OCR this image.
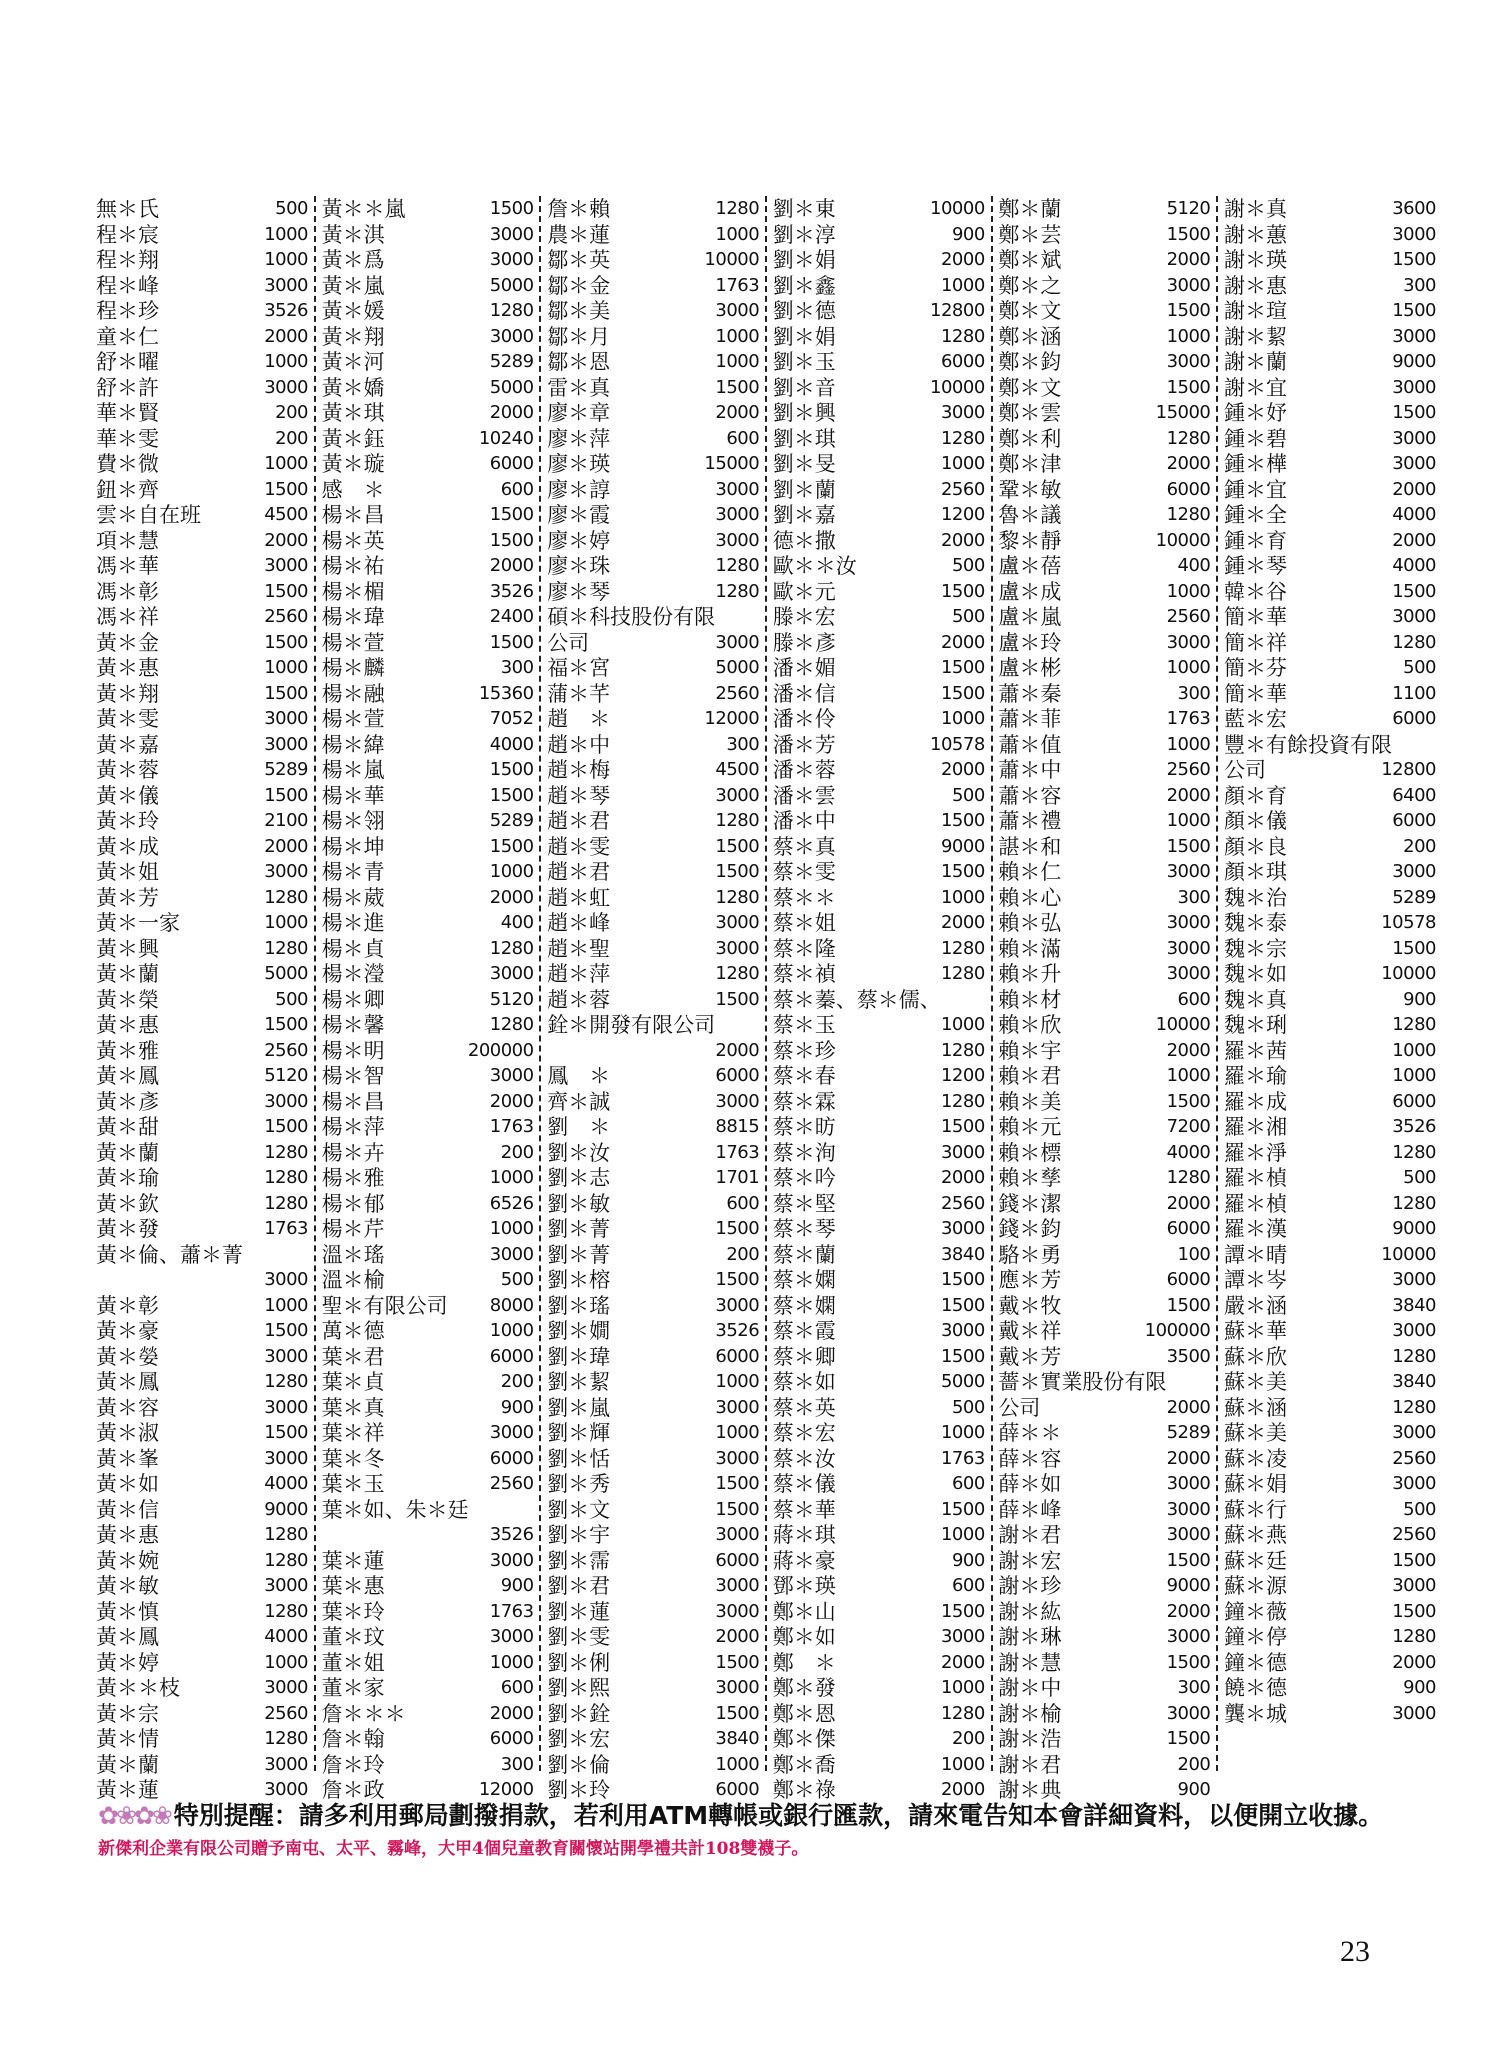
無＊氏	500
程＊宸	1000
程＊翔	1000
程＊峰	3000
程＊珍	3526
童＊仁	2000
舒＊曜	1000
舒＊許	3000
華＊賢	200
華＊雯	200
費＊微	1000
鈕＊齊	1500
雲＊自在班	4500
項＊慧	2000
馮＊華	3000
馮＊彰	1500
馮＊祥	2560
黃＊金	1500
黃＊惠	1000
黃＊翔	1500
黃＊雯	3000
黃＊嘉	3000
黃＊蓉	5289
黃＊儀	1500
黃＊玲	2100
黃＊成	2000
黃＊姐	3000
黃＊芳	1280
黃＊一家	1000
黃＊興	1280
黃＊蘭	5000
黃＊榮	500
黃＊惠	1500
黃＊雅	2560
黃＊鳳	5120
黃＊彥	3000
黃＊甜	1500
黃＊蘭	1280
黃＊瑜	1280
黃＊欽	1280
黃＊發	1763
黃＊倫、蕭＊菁
3000
黃＊彰	1000
黃＊豪	1500
黃＊嫈	3000
黃＊鳳	1280
黃＊容	3000
黃＊淑	1500
黃＊峯	3000
黃＊如	4000
黃＊信	9000
黃＊惠	1280
黃＊婉	1280
黃＊敏	3000
黃＊慎	1280
黃＊鳳	4000
黃＊婷	1000
黃＊＊枝	3000
黃＊宗	2560
黃＊情	1280
黃＊蘭	3000
黃＊蓮	3000
黃＊＊嵐	1500
黃＊淇	3000
黃＊爲	3000
黃＊嵐	5000
黃＊媛	1280
黃＊翔	3000
黃＊河	5289
黃＊嬌	5000
黃＊琪	2000
黃＊鈺	10240
黃＊璇	6000
感　＊	600
楊＊昌	1500
楊＊英	1500
楊＊祐	2000
楊＊楣	3526
楊＊瑋	2400
楊＊萱	1500
楊＊麟	300
楊＊融	15360
楊＊萱	7052
楊＊緯	4000
楊＊嵐	1500
楊＊華	1500
楊＊翎	5289
楊＊坤	1500
楊＊青	1000
楊＊葳	2000
楊＊進	400
楊＊貞	1280
楊＊瀅	3000
楊＊卿	5120
楊＊馨	1280
楊＊明	200000
楊＊智	3000
楊＊昌	2000
楊＊萍	1763
楊＊卉	200
楊＊雅	1000
楊＊郁	6526
楊＊芹	1000
溫＊瑤	3000
溫＊榆	500
聖＊有限公司 8000
萬＊德	1000
葉＊君	6000
葉＊貞	200
葉＊真	900
葉＊祥	3000
葉＊冬	6000
葉＊玉	2560
葉＊如、朱＊廷
3526
葉＊蓮	3000
葉＊惠	900
葉＊玲	1763
董＊玟	3000
董＊姐	1000
董＊家	600
詹＊＊＊	2000
詹＊翰	6000
詹＊玲	300
詹＊政	12000
詹＊賴	1280
農＊蓮	1000
鄒＊英	10000
鄒＊金	1763
鄒＊美	3000
鄒＊月	1000
鄒＊恩	1000
雷＊真	1500
廖＊章	2000
廖＊萍	600
廖＊瑛	15000
廖＊諄	3000
廖＊霞	3000
廖＊婷	3000
廖＊珠	1280
廖＊琴	1280
碩＊科技股份有限
公司	3000
福＊宮	5000
蒲＊芊	2560
趙　＊	12000
趙＊中	300
趙＊梅	4500
趙＊琴	3000
趙＊君	1280
趙＊雯	1500
趙＊君	1500
趙＊虹	1280
趙＊峰	3000
趙＊聖	3000
趙＊萍	1280
趙＊蓉	1500
銓＊開發有限公司
2000
鳳　＊	6000
齊＊誠	3000
劉　＊	8815
劉＊汝	1763
劉＊志	1701
劉＊敏	600
劉＊菁	1500
劉＊菁	200
劉＊榕	1500
劉＊瑤	3000
劉＊嫺	3526
劉＊瑋	6000
劉＊絜	1000
劉＊嵐	3000
劉＊輝	1000
劉＊恬	3000
劉＊秀	1500
劉＊文	1500
劉＊宇	3000
劉＊霈	6000
劉＊君	3000
劉＊蓮	3000
劉＊雯	2000
劉＊俐	1500
劉＊熙	3000
劉＊銓	1500
劉＊宏	3840
劉＊倫	1000
劉＊玲	6000
劉＊東	10000
劉＊淳	900
劉＊娟	2000
劉＊鑫	1000
劉＊德	12800
劉＊娟	1280
劉＊玉	6000
劉＊音	10000
劉＊興	3000
劉＊琪	1280
劉＊旻	1000
劉＊蘭	2560
劉＊嘉	1200
德＊撒	2000
歐＊＊汝	500
歐＊元	1500
滕＊宏	500
滕＊彥	2000
潘＊媚	1500
潘＊信	1500
潘＊伶	1000
潘＊芳	10578
潘＊蓉	2000
潘＊雲	500
潘＊中	1500
蔡＊真	9000
蔡＊雯	1500
蔡＊＊	1000
蔡＊姐	2000
蔡＊隆	1280
蔡＊禎	1280
蔡＊蓁、蔡＊儒、
蔡＊玉	1000
蔡＊珍	1280
蔡＊春	1200
蔡＊霖	1280
蔡＊昉	1500
蔡＊洵	3000
蔡＊吟	2000
蔡＊堅	2560
蔡＊琴	3000
蔡＊蘭	3840
蔡＊嫻	1500
蔡＊嫻	1500
蔡＊霞	3000
蔡＊卿	1500
蔡＊如	5000
蔡＊英	500
蔡＊宏	1000
蔡＊汝	1763
蔡＊儀	600
蔡＊華	1500
蔣＊琪	1000
蔣＊豪	900
鄧＊瑛	600
鄭＊山	1500
鄭＊如	3000
鄭　＊	2000
鄭＊發	1000
鄭＊恩	1280
鄭＊傑	200
鄭＊喬	1000
鄭＊祿	2000
鄭＊蘭	5120
鄭＊芸	1500
鄭＊斌	2000
鄭＊之	3000
鄭＊文	1500
鄭＊涵	1000
鄭＊鈞	3000
鄭＊文	1500
鄭＊雲	15000
鄭＊利	1280
鄭＊津	2000
鞏＊敏	6000
魯＊議	1280
黎＊靜	10000
盧＊蓓	400
盧＊成	1000
盧＊嵐	2560
盧＊玲	3000
盧＊彬	1000
蕭＊秦	300
蕭＊菲	1763
蕭＊值	1000
蕭＊中	2560
蕭＊容	2000
蕭＊禮	1000
諶＊和	1500
賴＊仁	3000
賴＊心	300
賴＊弘	3000
賴＊滿	3000
賴＊升	3000
賴＊材	600
賴＊欣	10000
賴＊宇	2000
賴＊君	1000
賴＊美	1500
賴＊元	7200
賴＊標	4000
賴＊孳	1280
錢＊潔	2000
錢＊鈞	6000
駱＊勇	100
應＊芳	6000
戴＊牧	1500
戴＊祥	100000
戴＊芳	3500
薔＊實業股份有限
公司	2000
薛＊＊	5289
薛＊容	2000
薛＊如	3000
薛＊峰	3000
謝＊君	3000
謝＊宏	1500
謝＊珍	9000
謝＊紘	2000
謝＊琳	3000
謝＊慧	1500
謝＊中	300
謝＊榆	3000
謝＊浩	1500
謝＊君	200
謝＊典	900
謝＊真	3600
謝＊蕙	3000
謝＊瑛	1500
謝＊惠	300
謝＊瑄	1500
謝＊絜	3000
謝＊蘭	9000
謝＊宜	3000
鍾＊妤	1500
鍾＊碧	3000
鍾＊樺	3000
鍾＊宜	2000
鍾＊全	4000
鍾＊育	2000
鍾＊琴	4000
韓＊谷	1500
簡＊華	3000
簡＊祥	1280
簡＊芬	500
簡＊華	1100
藍＊宏	6000
豐＊有餘投資有限
公司	12800
顏＊育	6400
顏＊儀	6000
顏＊良	200
顏＊琪	3000
魏＊治	5289
魏＊泰	10578
魏＊宗	1500
魏＊如	10000
魏＊真	900
魏＊琍	1280
羅＊茜	1000
羅＊瑜	1000
羅＊成	6000
羅＊湘	3526
羅＊淨	1280
羅＊楨	500
羅＊楨	1280
羅＊漢	9000
譚＊晴	10000
譚＊岑	3000
嚴＊涵	3840
蘇＊華	3000
蘇＊欣	1280
蘇＊美	3840
蘇＊涵	1280
蘇＊美	3000
蘇＊凌	2560
蘇＊娟	3000
蘇＊行	500
蘇＊燕	2560
蘇＊廷	1500
蘇＊源	3000
鐘＊薇	1500
鐘＊停	1280
鐘＊德	2000
饒＊德	900
龔＊城	3000
✿❀✿❀ 特別提醒：請多利用郵局劃撥捐款，若利用ATM轉帳或銀行匯款，請來電告知本會詳細資料，以便開立收據。
新傑利企業有限公司贈予南屯、太平、霧峰，大甲4個兒童教育關懷站開學禮共計108雙襪子。
23
